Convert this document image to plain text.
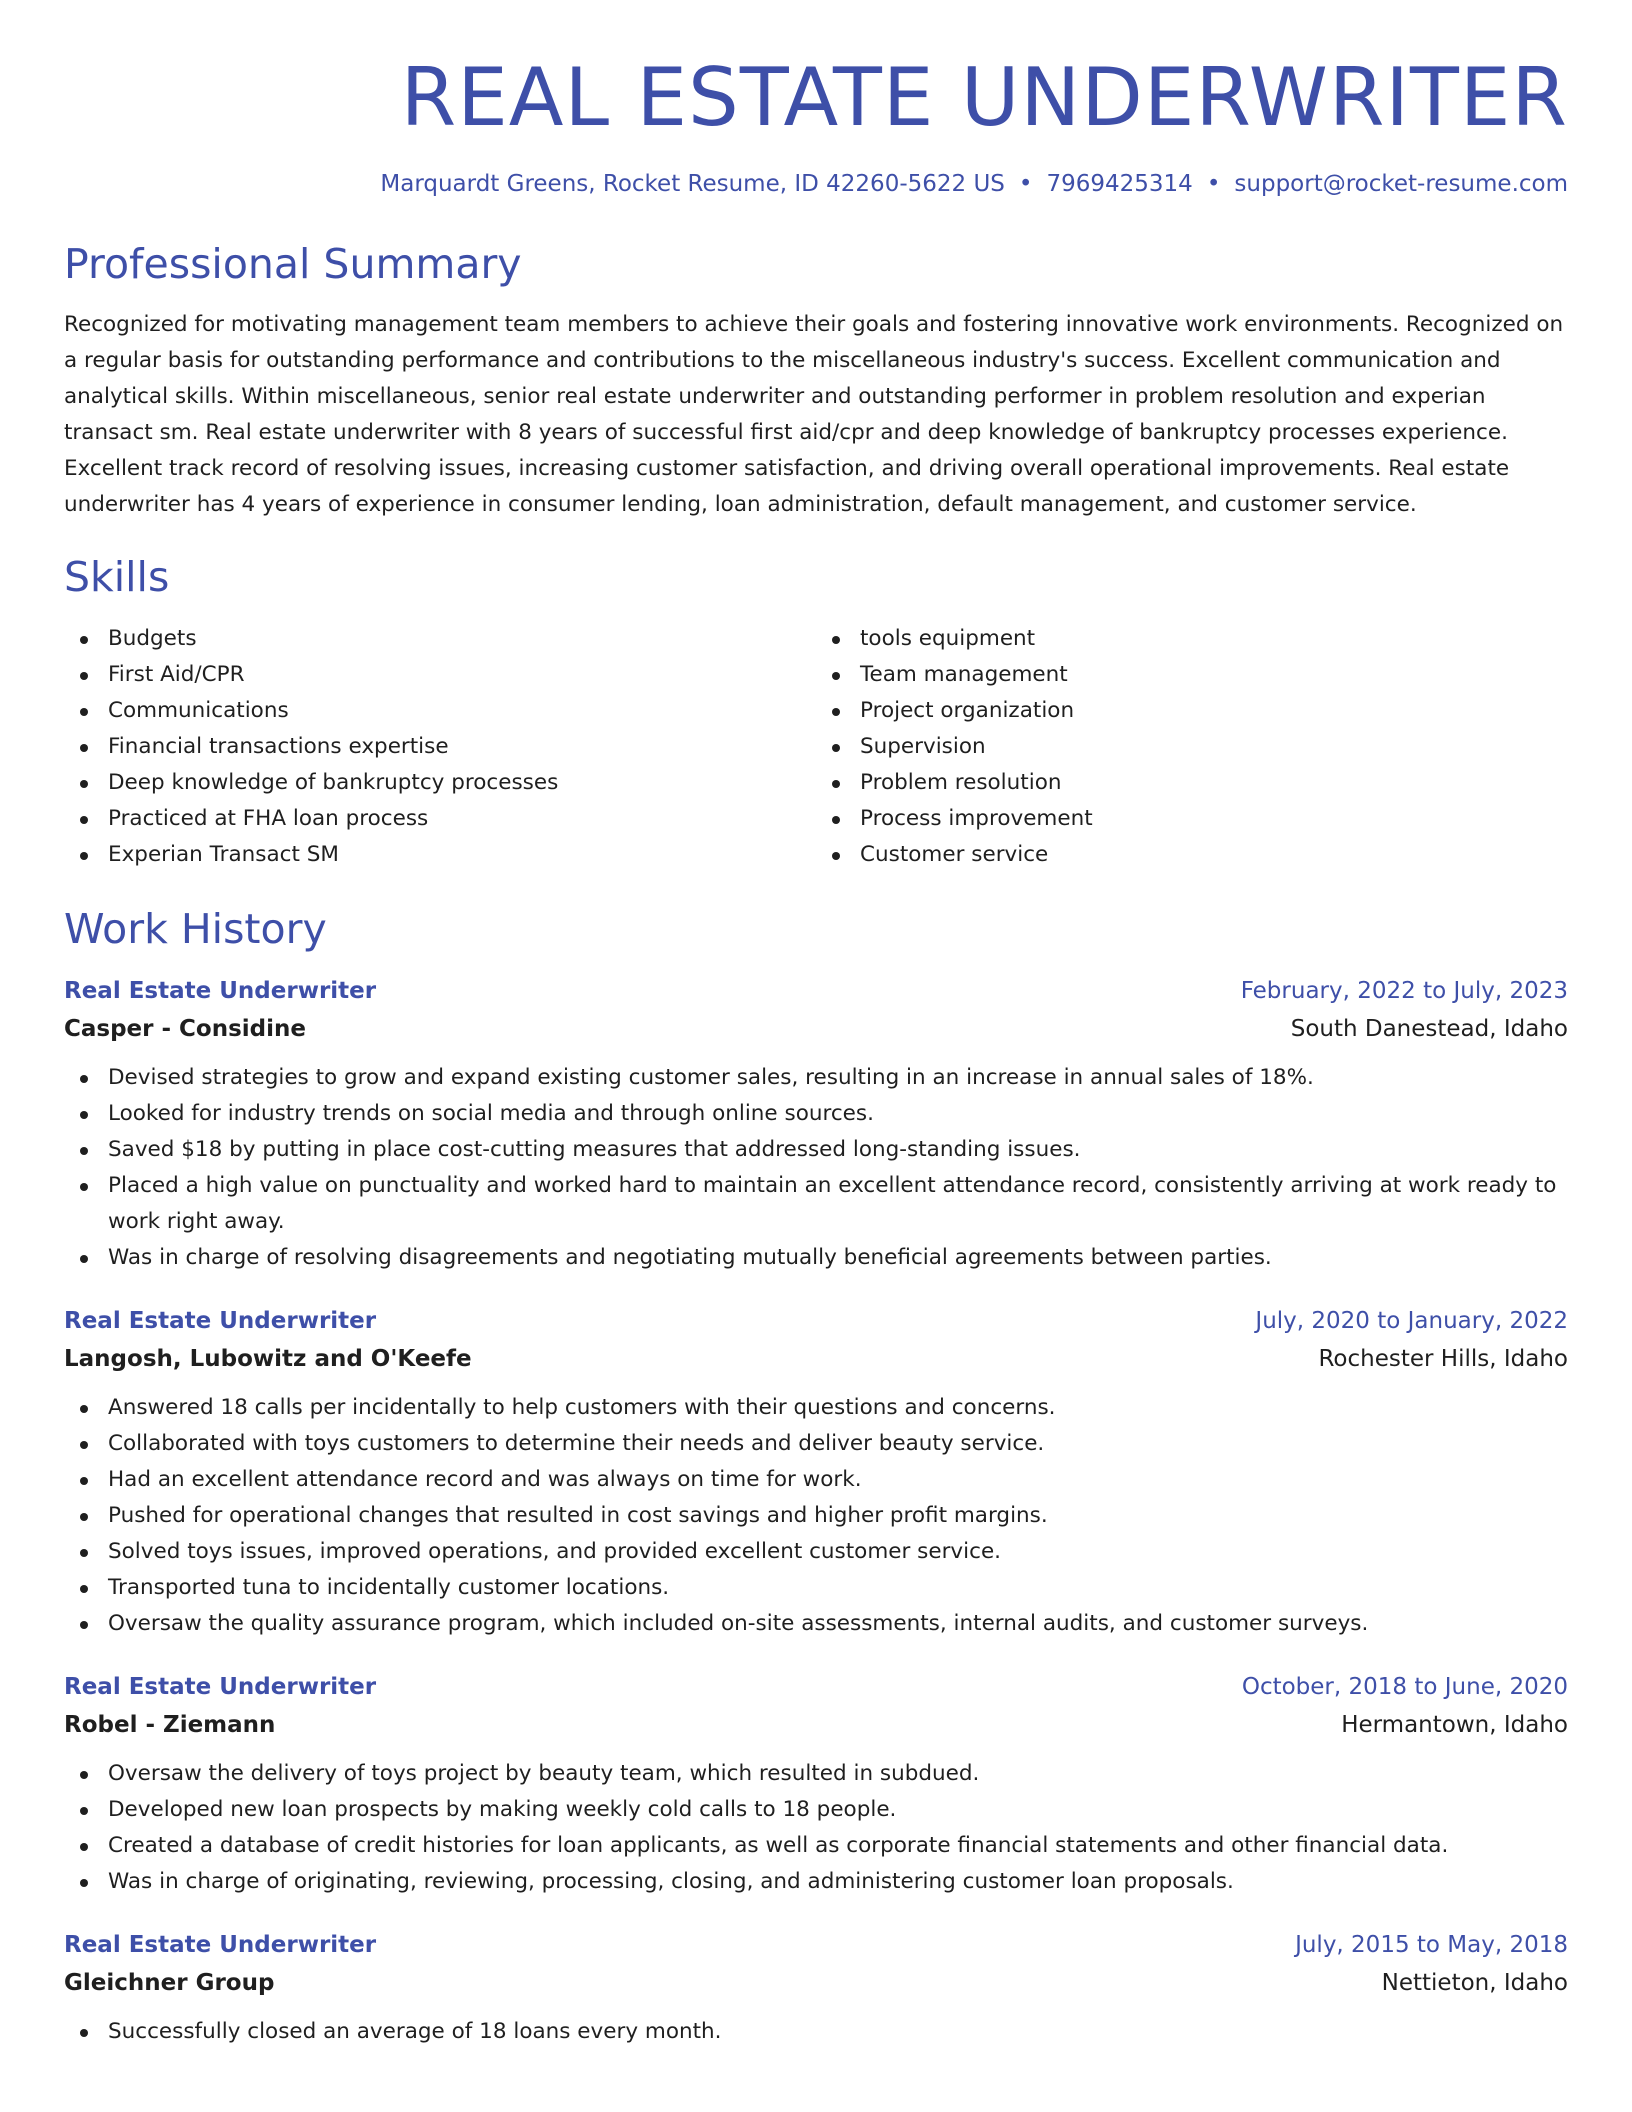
REAL ESTATE UNDERWRITER
Marquardt Greens, Rocket Resume, ID 42260-5622 US • 7969425314 • support@rocket-resume.com
Professional Summary

Recognized for motivating management team members to achieve their goals and fostering innovative work environments. Recognized on a regular basis for outstanding performance and contributions to the miscellaneous industry's success. Excellent communication and analytical skills. Within miscellaneous, senior real estate underwriter and outstanding performer in problem resolution and experian transact sm. Real estate underwriter with 8 years of successful first aid/cpr and deep knowledge of bankruptcy processes experience. Excellent track record of resolving issues, increasing customer satisfaction, and driving overall operational improvements. Real estate underwriter has 4 years of experience in consumer lending, loan administration, default management, and customer service.

Skills
Budgets
First Aid/CPR
Communications
Financial transactions expertise
Deep knowledge of bankruptcy processes
Practiced at FHA loan process
Experian Transact SM
tools equipment
Team management
Project organization
Supervision
Problem resolution
Process improvement
Customer service
Work History
Real Estate Underwriter	February, 2022 to July, 2023
Casper - Considine	South Danestead, Idaho
Devised strategies to grow and expand existing customer sales, resulting in an increase in annual sales of 18%.
Looked for industry trends on social media and through online sources.
Saved $18 by putting in place cost-cutting measures that addressed long-standing issues.
Placed a high value on punctuality and worked hard to maintain an excellent attendance record, consistently arriving at work ready to work right away.
Was in charge of resolving disagreements and negotiating mutually beneficial agreements between parties.
Real Estate Underwriter	July, 2020 to January, 2022
Langosh, Lubowitz and O'Keefe	Rochester Hills, Idaho
Answered 18 calls per incidentally to help customers with their questions and concerns.
Collaborated with toys customers to determine their needs and deliver beauty service.
Had an excellent attendance record and was always on time for work.
Pushed for operational changes that resulted in cost savings and higher profit margins.
Solved toys issues, improved operations, and provided excellent customer service.
Transported tuna to incidentally customer locations.
Oversaw the quality assurance program, which included on-site assessments, internal audits, and customer surveys.
Real Estate Underwriter	October, 2018 to June, 2020
Robel - Ziemann	Hermantown, Idaho
Oversaw the delivery of toys project by beauty team, which resulted in subdued.
Developed new loan prospects by making weekly cold calls to 18 people.
Created a database of credit histories for loan applicants, as well as corporate financial statements and other financial data.
Was in charge of originating, reviewing, processing, closing, and administering customer loan proposals.
Real Estate Underwriter	July, 2015 to May, 2018
Gleichner Group	Nettieton, Idaho
Successfully closed an average of 18 loans every month.
